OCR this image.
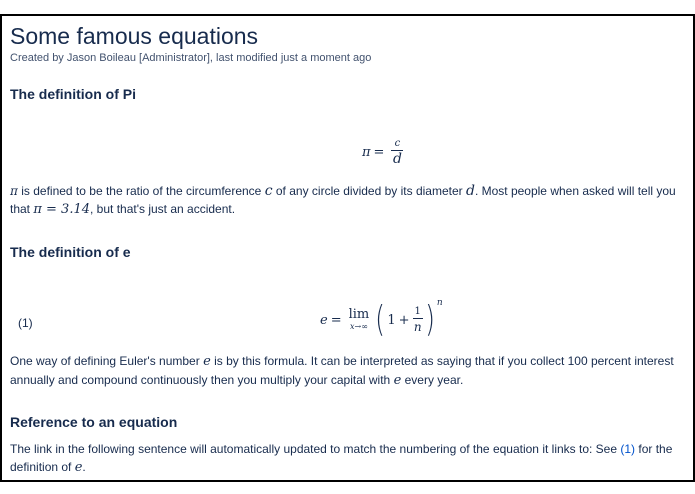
Some famous equations
Created by Jason Boileau [Administrator], last modified just a moment ago
The definition of Pi
$\pi = \frac{c}{d}$
π is defined to be the ratio of the circumference c of any circle divided by its diameter d. Most people when asked will tell you that π = 3.14, but that's just an accident.
The definition of e
(1)	e = lim
x→∞ ( $1 + \frac{1}{n}$ ) n
One way of defining Euler's number e is by this formula. It can be interpreted as saying that if you collect 100 percent interest annually and compound continuously then you multiply your capital with e every year.
Reference to an equation
The link in the following sentence will automatically updated to match the numbering of the equation it links to: See (1) for the definition of e.
